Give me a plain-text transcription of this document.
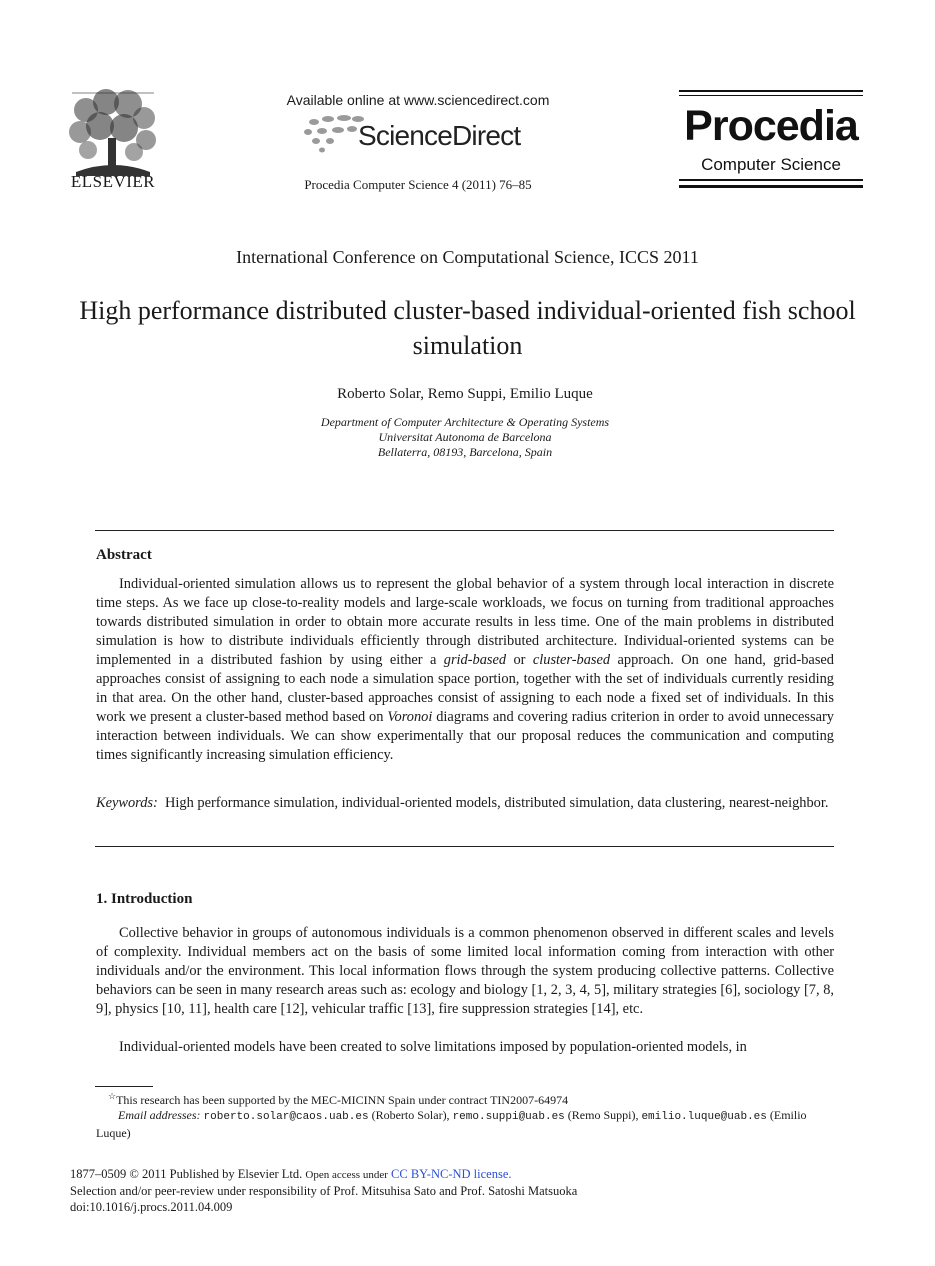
ELSEVIER
Available online at www.sciencedirect.com
ScienceDirect
Procedia Computer Science 4 (2011) 76–85
Procedia
Computer Science
International Conference on Computational Science, ICCS 2011
High performance distributed cluster-based individual-oriented fish school simulation
Roberto Solar, Remo Suppi, Emilio Luque
Department of Computer Architecture & Operating Systems
Universitat Autonoma de Barcelona
Bellaterra, 08193, Barcelona, Spain
Abstract
Individual-oriented simulation allows us to represent the global behavior of a system through local interaction in discrete time steps. As we face up close-to-reality models and large-scale workloads, we focus on turning from traditional approaches towards distributed simulation in order to obtain more accurate results in less time. One of the main problems in distributed simulation is how to distribute individuals efficiently through distributed architecture. Individual-oriented systems can be implemented in a distributed fashion by using either a grid-based or cluster-based approach. On one hand, grid-based approaches consist of assigning to each node a simulation space portion, together with the set of individuals currently residing in that area. On the other hand, cluster-based approaches consist of assigning to each node a fixed set of individuals. In this work we present a cluster-based method based on Voronoi diagrams and covering radius criterion in order to avoid unnecessary interaction between individuals. We can show experimentally that our proposal reduces the communication and computing times significantly increasing simulation efficiency.
Keywords: High performance simulation, individual-oriented models, distributed simulation, data clustering, nearest-neighbor.
1. Introduction
Collective behavior in groups of autonomous individuals is a common phenomenon observed in different scales and levels of complexity. Individual members act on the basis of some limited local information coming from interaction with other individuals and/or the environment. This local information flows through the system producing collective patterns. Collective behaviors can be seen in many research areas such as: ecology and biology [1, 2, 3, 4, 5], military strategies [6], sociology [7, 8, 9], physics [10, 11], health care [12], vehicular traffic [13], fire suppression strategies [14], etc.
Individual-oriented models have been created to solve limitations imposed by population-oriented models, in
☆This research has been supported by the MEC-MICINN Spain under contract TIN2007-64974
Email addresses: roberto.solar@caos.uab.es (Roberto Solar), remo.suppi@uab.es (Remo Suppi), emilio.luque@uab.es (Emilio Luque)
1877–0509 © 2011 Published by Elsevier Ltd. Open access under CC BY-NC-ND license.
Selection and/or peer-review under responsibility of Prof. Mitsuhisa Sato and Prof. Satoshi Matsuoka
doi:10.1016/j.procs.2011.04.009
